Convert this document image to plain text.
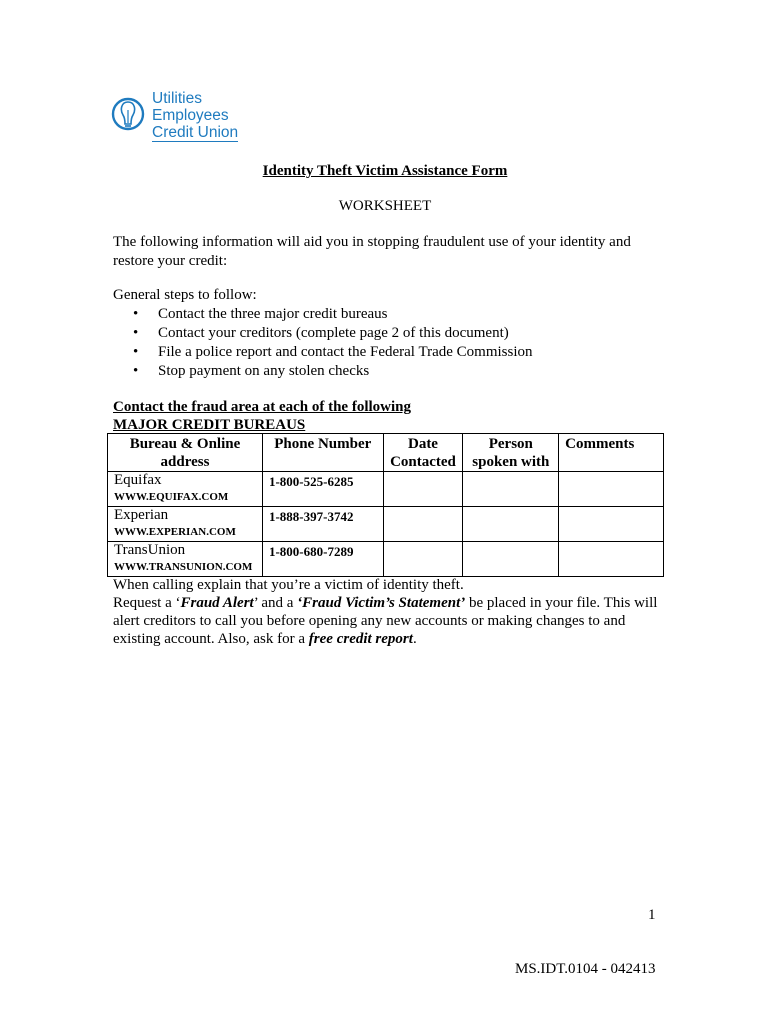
Utilities
Employees
Credit Union
Identity Theft Victim Assistance Form
WORKSHEET
The following information will aid you in stopping fraudulent use of your identity and restore your credit:
General steps to follow:
• Contact the three major credit bureaus
• Contact your creditors (complete page 2 of this document)
• File a police report and contact the Federal Trade Commission
• Stop payment on any stolen checks
Contact the fraud area at each of the following
MAJOR CREDIT BUREAUS
Bureau & Online address	Phone Number	Date Contacted	Person spoken with	Comments

Equifax
WWW.EQUIFAX.COM	1-800-525-6285			

Experian
WWW.EXPERIAN.COM	1-888-397-3742			

TransUnion
WWW.TRANSUNION.COM	1-800-680-7289			

When calling explain that you’re a victim of identity theft.
Request a ‘Fraud Alert’ and a ‘Fraud Victim’s Statement’ be placed in your file. This will alert creditors to call you before opening any new accounts or making changes to and existing account. Also, ask for a free credit report.
1
MS.IDT.0104 - 042413
